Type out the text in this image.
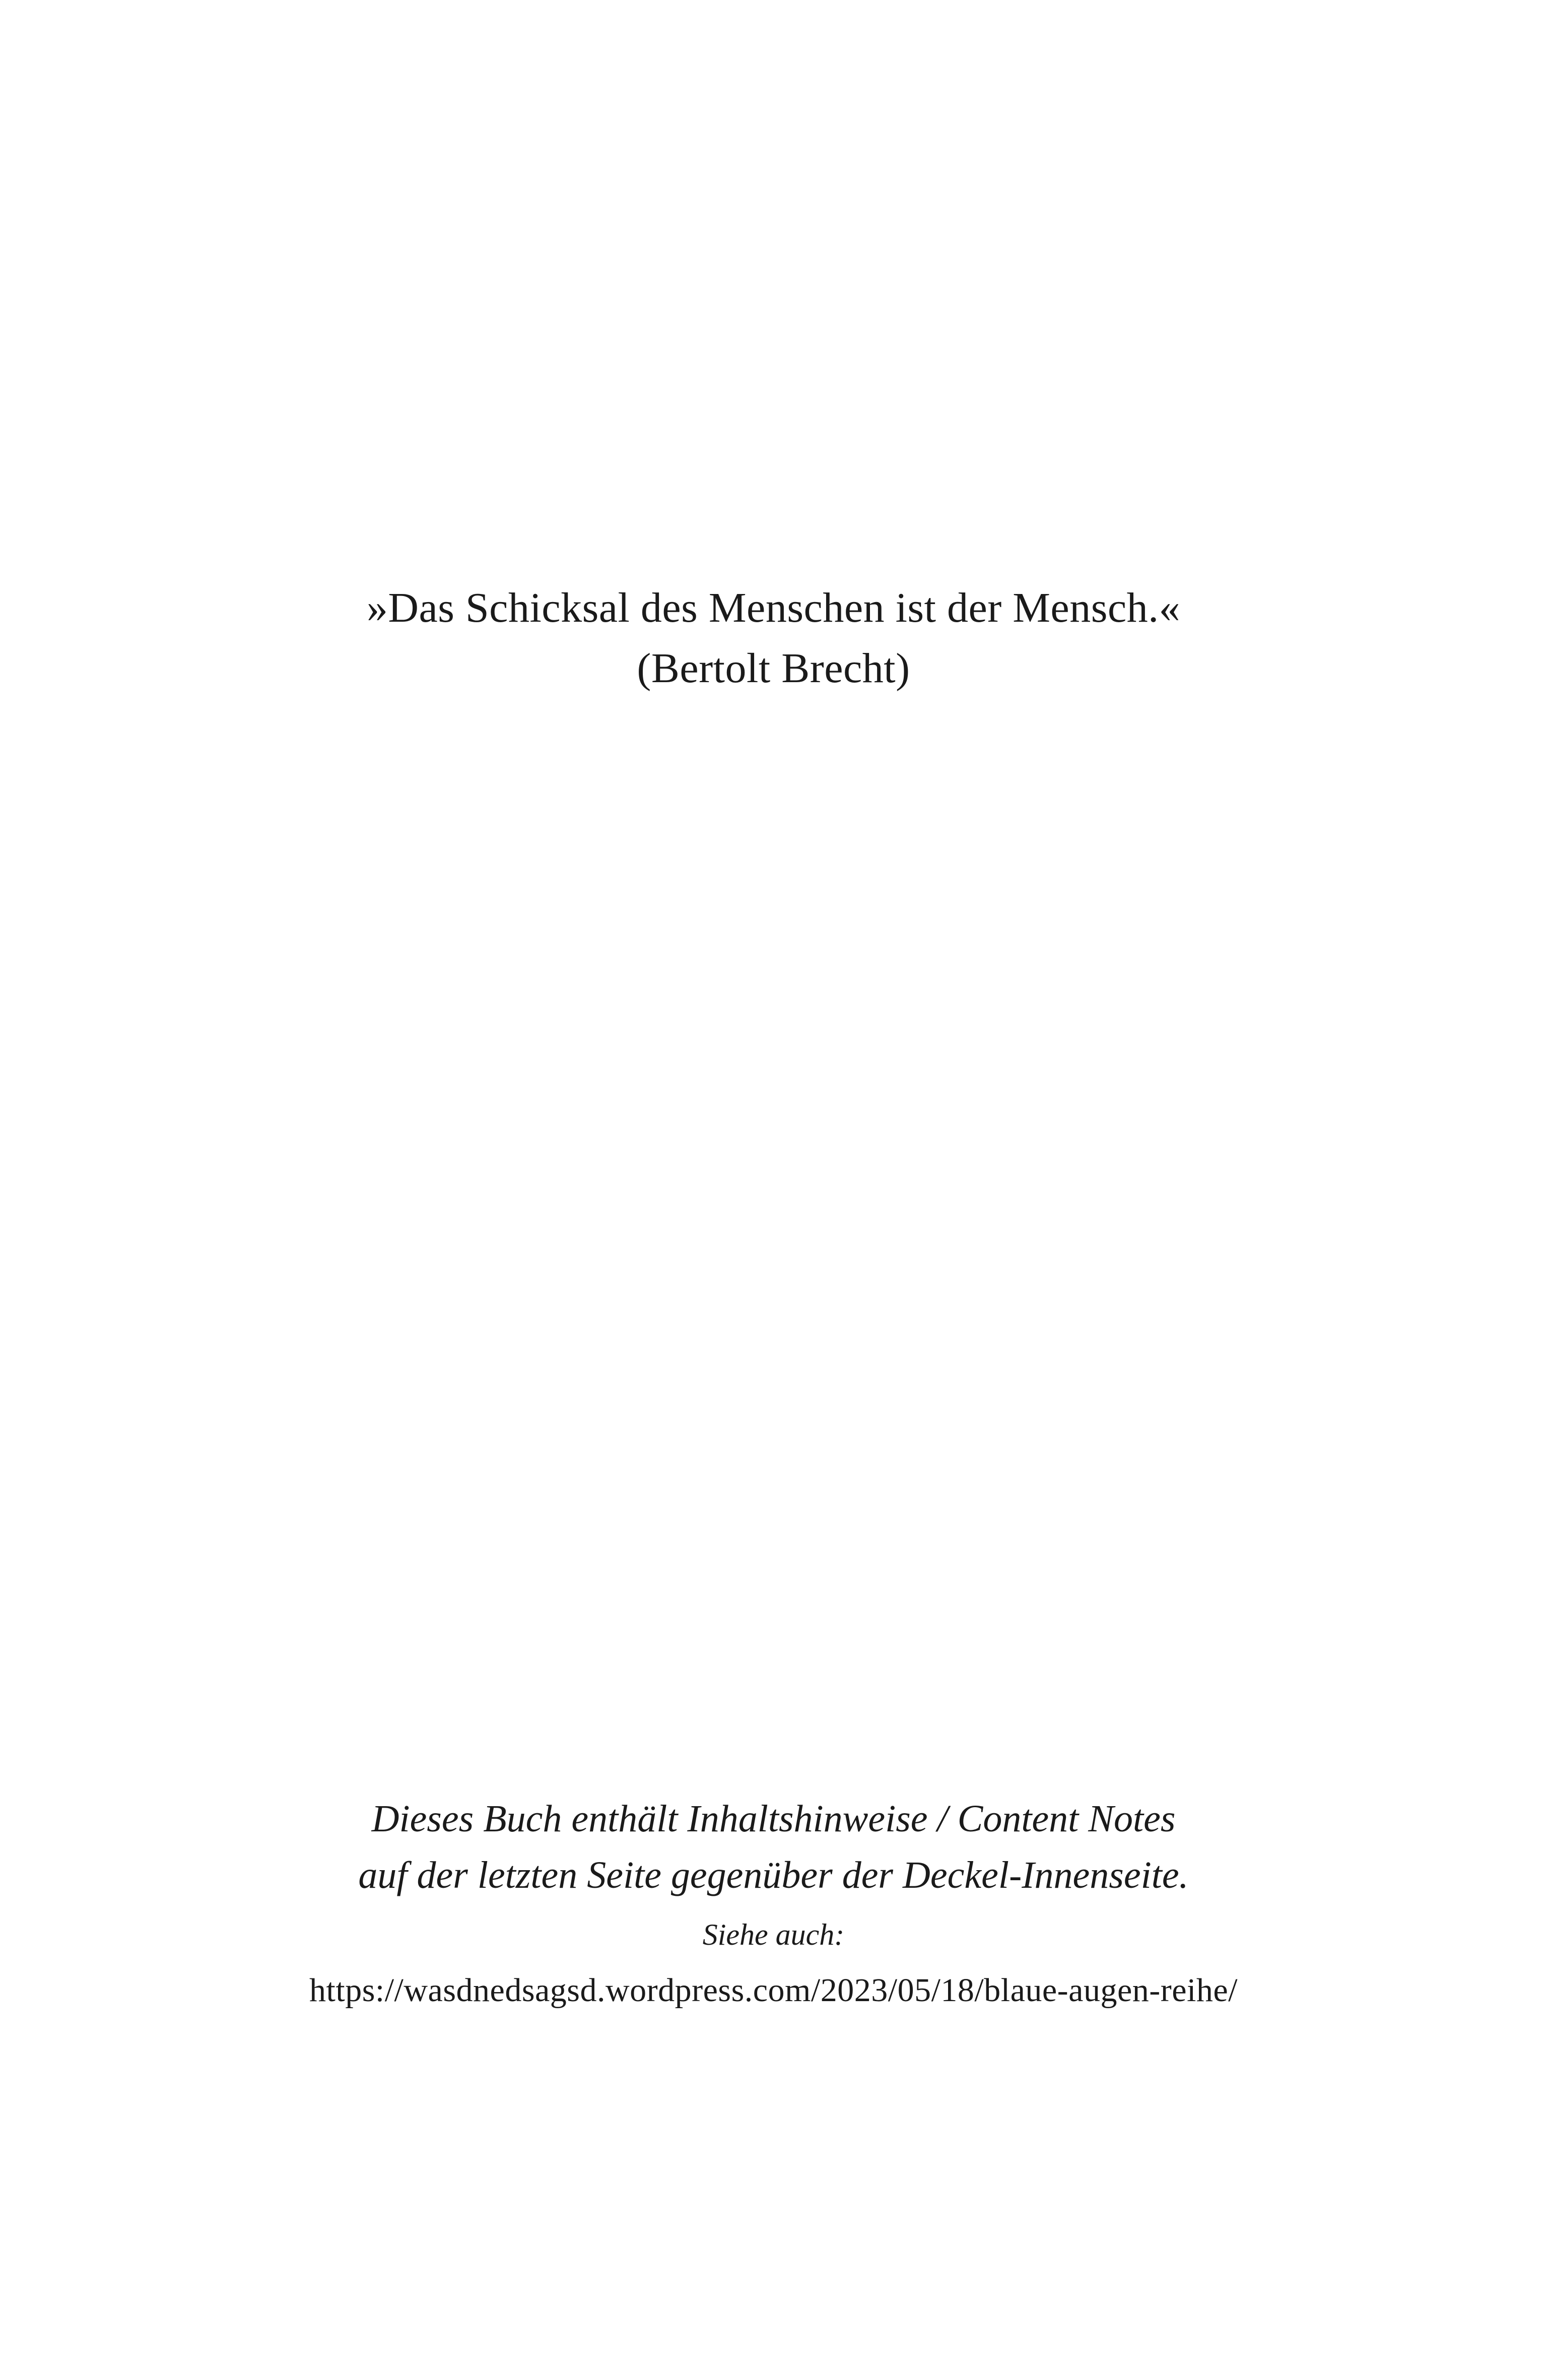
»Das Schicksal des Menschen ist der Mensch.«
(Bertolt Brecht)
Dieses Buch enthält Inhaltshinweise / Content Notes
auf der letzten Seite gegenüber der Deckel-Innenseite.
Siehe auch:
https://wasdnedsagsd.wordpress.com/2023/05/18/blaue-augen-reihe/
